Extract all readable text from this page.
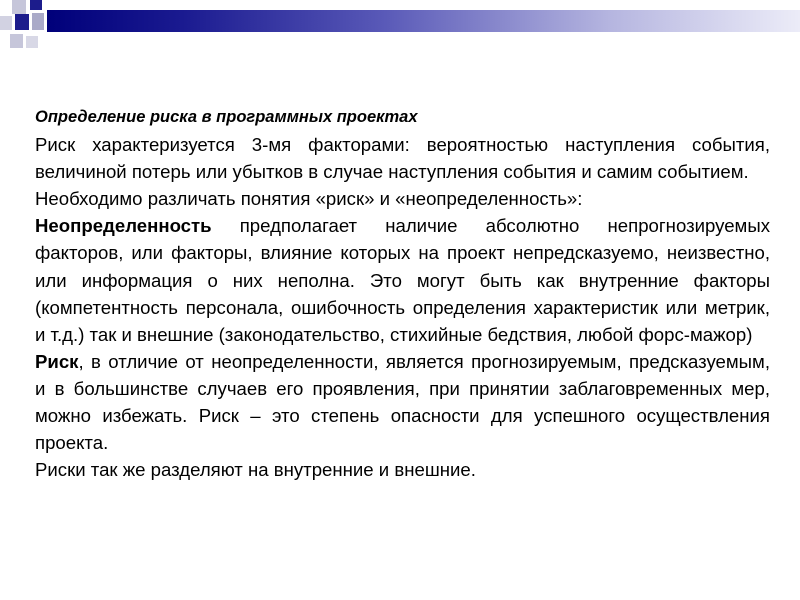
Определение риска в программных проектах

Риск характеризуется 3-мя факторами: вероятностью наступления события, величиной потерь или убытков в случае наступления события и самим событием.

Необходимо различать понятия «риск» и «неопределенность»:

Неопределенность предполагает наличие абсолютно непрогнозируемых факторов, или факторы, влияние которых на проект непредсказуемо, неизвестно, или информация о них неполна. Это могут быть как внутренние факторы (компетентность персонала, ошибочность определения характеристик или метрик, и т.д.) так и внешние (законодательство, стихийные бедствия, любой форс-мажор)

Риск, в отличие от неопределенности, является прогнозируемым, предсказуемым, и в большинстве случаев его проявления, при принятии заблаговременных мер, можно избежать. Риск – это степень опасности для успешного осуществления проекта.

Риски так же разделяют на внутренние и внешние.
